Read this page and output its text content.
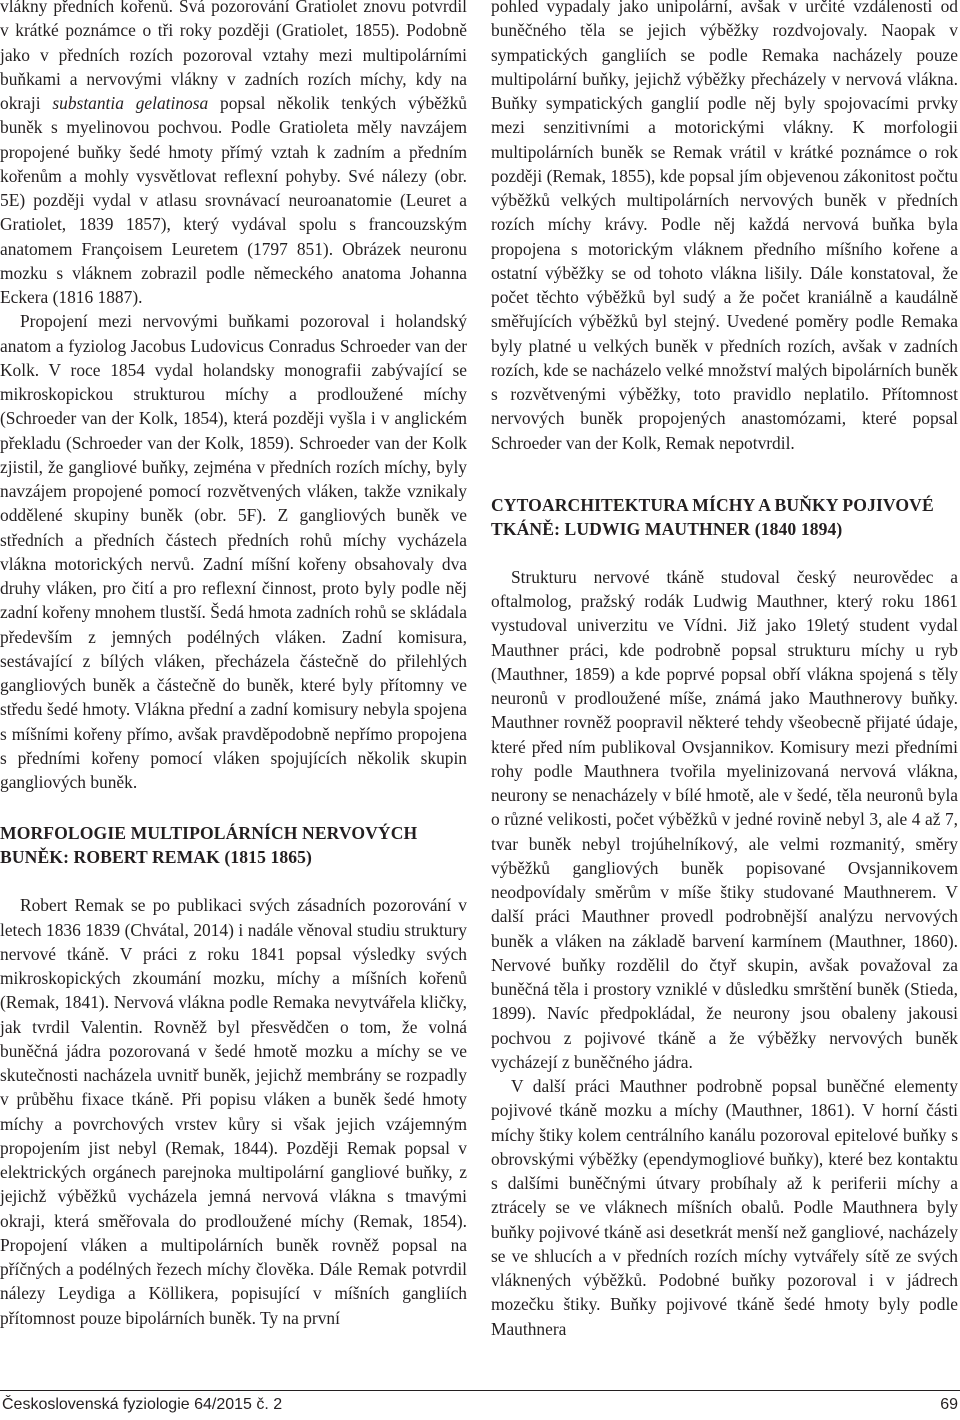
vlákny předních kořenů. Svá pozorování Gratiolet znovu potvrdil v krátké poznámce o tři roky později (Gratiolet, 1855). Podobně jako v předních rozích pozoroval vztahy mezi multipolárními buňkami a nervovými vlákny v zadních rozích míchy, kdy na okraji substantia gelatinosa popsal několik tenkých výběžků buněk s myelinovou pochvou. Podle Gratioleta měly navzájem propojené buňky šedé hmoty přímý vztah k zadním a předním kořenům a mohly vysvětlovat reflexní pohyby. Své nálezy (obr. 5E) později vydal v atlasu srovnávací neuroanatomie (Leuret a Gratiolet, 1839 1857), který vydával spolu s francouzským anatomem Françoisem Leuretem (1797 851). Obrázek neuronu mozku s vláknem zobrazil podle německého anatoma Johanna Eckera (1816 1887).

Propojení mezi nervovými buňkami pozoroval i holandský anatom a fyziolog Jacobus Ludovicus Conradus Schroeder van der Kolk. V roce 1854 vydal holandsky monografii zabývající se mikroskopickou strukturou míchy a prodloužené míchy (Schroeder van der Kolk, 1854), která později vyšla i v anglickém překladu (Schroeder van der Kolk, 1859). Schroeder van der Kolk zjistil, že gangliové buňky, zejména v předních rozích míchy, byly navzájem propojené pomocí rozvětvených vláken, takže vznikaly oddělené skupiny buněk (obr. 5F). Z gangliových buněk ve středních a předních částech předních rohů míchy vycházela vlákna motorických nervů. Zadní míšní kořeny obsahovaly dva druhy vláken, pro čití a pro reflexní činnost, proto byly podle něj zadní kořeny mnohem tlustší. Šedá hmota zadních rohů se skládala především z jemných podélných vláken. Zadní komisura, sestávající z bílých vláken, přecházela částečně do přilehlých gangliových buněk a částečně do buněk, které byly přítomny ve středu šedé hmoty. Vlákna přední a zadní komisury nebyla spojena s míšními kořeny přímo, avšak pravděpodobně nepřímo propojena s předními kořeny pomocí vláken spojujících několik skupin gangliových buněk.

MORFOLOGIE MULTIPOLÁRNÍCH NERVOVÝCH BUNĚK: ROBERT REMAK (1815 1865)

Robert Remak se po publikaci svých zásadních pozorování v letech 1836 1839 (Chvátal, 2014) i nadále věnoval studiu struktury nervové tkáně. V práci z roku 1841 popsal výsledky svých mikroskopických zkoumání mozku, míchy a míšních kořenů (Remak, 1841). Nervová vlákna podle Remaka nevytvářela kličky, jak tvrdil Valentin. Rovněž byl přesvědčen o tom, že volná buněčná jádra pozorovaná v šedé hmotě mozku a míchy se ve skutečnosti nacházela uvnitř buněk, jejichž membrány se rozpadly v průběhu fixace tkáně. Při popisu vláken a buněk šedé hmoty míchy a povrchových vrstev kůry si však jejich vzájemným propojením jist nebyl (Remak, 1844). Později Remak popsal v elektrických orgánech parejnoka multipolární gangliové buňky, z jejichž výběžků vycházela jemná nervová vlákna s tmavými okraji, která směřovala do prodloužené míchy (Remak, 1854). Propojení vláken a multipolárních buněk rovněž popsal na příčných a podélných řezech míchy člověka. Dále Remak potvrdil nálezy Leydiga a Köllikera, popisující v míšních gangliích přítomnost pouze bipolárních buněk. Ty na první

pohled vypadaly jako unipolární, avšak v určité vzdálenosti od buněčného těla se jejich výběžky rozdvojovaly. Naopak v sympatických gangliích se podle Remaka nacházely pouze multipolární buňky, jejichž výběžky přecházely v nervová vlákna. Buňky sympatických ganglií podle něj byly spojovacími prvky mezi senzitivními a motorickými vlákny. K morfologii multipolárních buněk se Remak vrátil v krátké poznámce o rok později (Remak, 1855), kde popsal jím objevenou zákonitost počtu výběžků velkých multipolárních nervových buněk v předních rozích míchy krávy. Podle něj každá nervová buňka byla propojena s motorickým vláknem předního míšního kořene a ostatní výběžky se od tohoto vlákna lišily. Dále konstatoval, že počet těchto výběžků byl sudý a že počet kraniálně a kaudálně směřujících výběžků byl stejný. Uvedené poměry podle Remaka byly platné u velkých buněk v předních rozích, avšak v zadních rozích, kde se nacházelo velké množství malých bipolárních buněk s rozvětvenými výběžky, toto pravidlo neplatilo. Přítomnost nervových buněk propojených anastomózami, které popsal Schroeder van der Kolk, Remak nepotvrdil.

CYTOARCHITEKTURA MÍCHY A BUŇKY POJIVOVÉ TKÁNĚ: LUDWIG MAUTHNER (1840 1894)

Strukturu nervové tkáně studoval český neurovědec a oftalmolog, pražský rodák Ludwig Mauthner, který roku 1861 vystudoval univerzitu ve Vídni. Již jako 19letý student vydal Mauthner práci, kde podrobně popsal strukturu míchy u ryb (Mauthner, 1859) a kde poprvé popsal obří vlákna spojená s těly neuronů v prodloužené míše, známá jako Mauthnerovy buňky. Mauthner rovněž poopravil některé tehdy všeobecně přijaté údaje, které před ním publikoval Ovsjannikov. Komisury mezi předními rohy podle Mauthnera tvořila myelinizovaná nervová vlákna, neurony se nenacházely v bílé hmotě, ale v šedé, těla neuronů byla o různé velikosti, počet výběžků v jedné rovině nebyl 3, ale 4 až 7, tvar buněk nebyl trojúhelníkový, ale velmi rozmanitý, směry výběžků gangliových buněk popisované Ovsjannikovem neodpovídaly směrům v míše štiky studované Mauthnerem. V další práci Mauthner provedl podrobnější analýzu nervových buněk a vláken na základě barvení karmínem (Mauthner, 1860). Nervové buňky rozdělil do čtyř skupin, avšak považoval za buněčná těla i prostory vzniklé v důsledku smrštění buněk (Stieda, 1899). Navíc předpokládal, že neurony jsou obaleny jakousi pochvou z pojivové tkáně a že výběžky nervových buněk vycházejí z buněčného jádra.

V další práci Mauthner podrobně popsal buněčné elementy pojivové tkáně mozku a míchy (Mauthner, 1861). V horní části míchy štiky kolem centrálního kanálu pozoroval epitelové buňky s obrovskými výběžky (ependymogliové buňky), které bez kontaktu s dalšími buněčnými útvary probíhaly až k periferii míchy a ztrácely se ve vláknech míšních obalů. Podle Mauthnera byly buňky pojivové tkáně asi desetkrát menší než gangliové, nacházely se ve shlucích a v předních rozích míchy vytvářely sítě ze svých vláknených výběžků. Podobné buňky pozoroval i v jádrech mozečku štiky. Buňky pojivové tkáně šedé hmoty byly podle Mauthnera

Československá fyziologie 64/2015 č. 2	69
